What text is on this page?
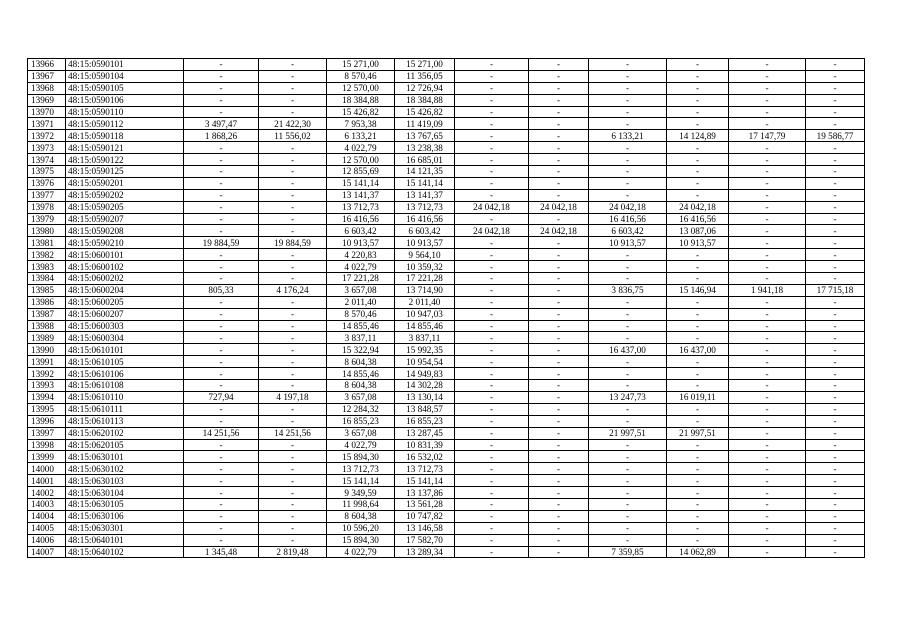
13966	48:15:0590101	-	-	15 271,00	15 271,00	-	-	-	-	-	-
13967	48:15:0590104	-	-	8 570,46	11 356,05	-	-	-	-	-	-
13968	48:15:0590105	-	-	12 570,00	12 726,94	-	-	-	-	-	-
13969	48:15:0590106	-	-	18 384,88	18 384,88	-	-	-	-	-	-
13970	48:15:0590110	-	-	15 426,82	15 426,82	-	-	-	-	-	-
13971	48:15:0590112	3 497,47	21 422,30	7 953,38	11 419,09	-	-	-	-	-	-
13972	48:15:0590118	1 868,26	11 556,02	6 133,21	13 767,65	-	-	6 133,21	14 124,89	17 147,79	19 586,77
13973	48:15:0590121	-	-	4 022,79	13 238,38	-	-	-	-	-	-
13974	48:15:0590122	-	-	12 570,00	16 685,01	-	-	-	-	-	-
13975	48:15:0590125	-	-	12 855,69	14 121,35	-	-	-	-	-	-
13976	48:15:0590201	-	-	15 141,14	15 141,14	-	-	-	-	-	-
13977	48:15:0590202	-	-	13 141,37	13 141,37	-	-	-	-	-	-
13978	48:15:0590205	-	-	13 712,73	13 712,73	24 042,18	24 042,18	24 042,18	24 042,18	-	-
13979	48:15:0590207	-	-	16 416,56	16 416,56	-	-	16 416,56	16 416,56	-	-
13980	48:15:0590208	-	-	6 603,42	6 603,42	24 042,18	24 042,18	6 603,42	13 087,06	-	-
13981	48:15:0590210	19 884,59	19 884,59	10 913,57	10 913,57	-	-	10 913,57	10 913,57	-	-
13982	48:15:0600101	-	-	4 220,83	9 564,10	-	-	-	-	-	-
13983	48:15:0600102	-	-	4 022,79	10 359,32	-	-	-	-	-	-
13984	48:15:0600202	-	-	17 221,28	17 221,28	-	-	-	-	-	-
13985	48:15:0600204	805,33	4 176,24	3 657,08	13 714,90	-	-	3 836,75	15 146,94	1 941,18	17 715,18
13986	48:15:0600205	-	-	2 011,40	2 011,40	-	-	-	-	-	-
13987	48:15:0600207	-	-	8 570,46	10 947,03	-	-	-	-	-	-
13988	48:15:0600303	-	-	14 855,46	14 855,46	-	-	-	-	-	-
13989	48:15:0600304	-	-	3 837,11	3 837,11	-	-	-	-	-	-
13990	48:15:0610101	-	-	15 322,94	15 992,35	-	-	16 437,00	16 437,00	-	-
13991	48:15:0610105	-	-	8 604,38	10 954,54	-	-	-	-	-	-
13992	48:15:0610106	-	-	14 855,46	14 949,83	-	-	-	-	-	-
13993	48:15:0610108	-	-	8 604,38	14 302,28	-	-	-	-	-	-
13994	48:15:0610110	727,94	4 197,18	3 657,08	13 130,14	-	-	13 247,73	16 019,11	-	-
13995	48:15:0610111	-	-	12 284,32	13 848,57	-	-	-	-	-	-
13996	48:15:0610113	-	-	16 855,23	16 855,23	-	-	-	-	-	-
13997	48:15:0620102	14 251,56	14 251,56	3 657,08	13 287,45	-	-	21 997,51	21 997,51	-	-
13998	48:15:0620105	-	-	4 022,79	10 831,39	-	-	-	-	-	-
13999	48:15:0630101	-	-	15 894,30	16 532,02	-	-	-	-	-	-
14000	48:15:0630102	-	-	13 712,73	13 712,73	-	-	-	-	-	-
14001	48:15:0630103	-	-	15 141,14	15 141,14	-	-	-	-	-	-
14002	48:15:0630104	-	-	9 349,59	13 137,86	-	-	-	-	-	-
14003	48:15:0630105	-	-	11 998,64	13 561,28	-	-	-	-	-	-
14004	48:15:0630106	-	-	8 604,38	10 747,82	-	-	-	-	-	-
14005	48:15:0630301	-	-	10 596,20	13 146,58	-	-	-	-	-	-
14006	48:15:0640101	-	-	15 894,30	17 582,70	-	-	-	-	-	-
14007	48:15:0640102	1 345,48	2 819,48	4 022,79	13 289,34	-	-	7 359,85	14 062,89	-	-
